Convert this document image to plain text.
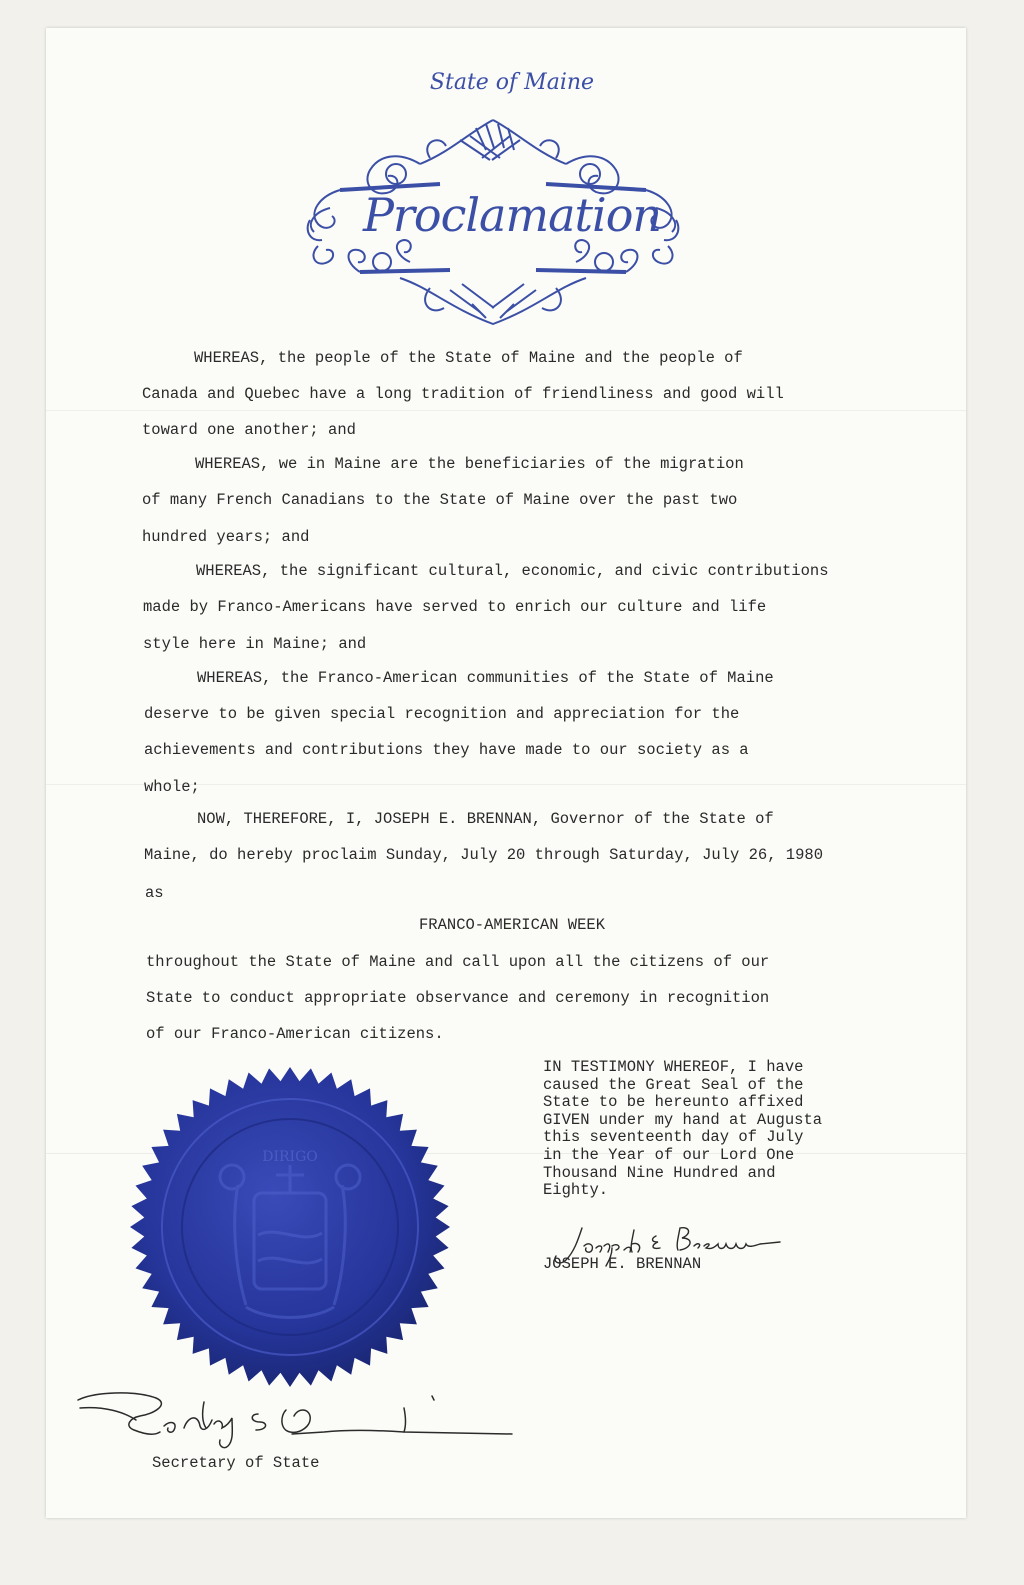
State of Maine
Proclamation
WHEREAS, the people of the State of Maine and the people of
Canada and Quebec have a long tradition of friendliness and good will
toward one another; and
WHEREAS, we in Maine are the beneficiaries of the migration
of many French Canadians to the State of Maine over the past two
hundred years; and
WHEREAS, the significant cultural, economic, and civic contributions
made by Franco-Americans have served to enrich our culture and life
style here in Maine; and
WHEREAS, the Franco-American communities of the State of Maine
deserve to be given special recognition and appreciation for the
achievements and contributions they have made to our society as a
whole;
NOW, THEREFORE, I, JOSEPH E. BRENNAN, Governor of the State of
Maine, do hereby proclaim Sunday, July 20 through Saturday, July 26, 1980
as
FRANCO-AMERICAN WEEK
throughout the State of Maine and call upon all the citizens of our
State to conduct appropriate observance and ceremony in recognition
of our Franco-American citizens.
IN TESTIMONY WHEREOF, I have
caused the Great Seal of the
State to be hereunto affixed
GIVEN under my hand at Augusta
this seventeenth day of July
in the Year of our Lord One
Thousand Nine Hundred and
Eighty.
JOSEPH E. BRENNAN
DIRIGO
Secretary of State
